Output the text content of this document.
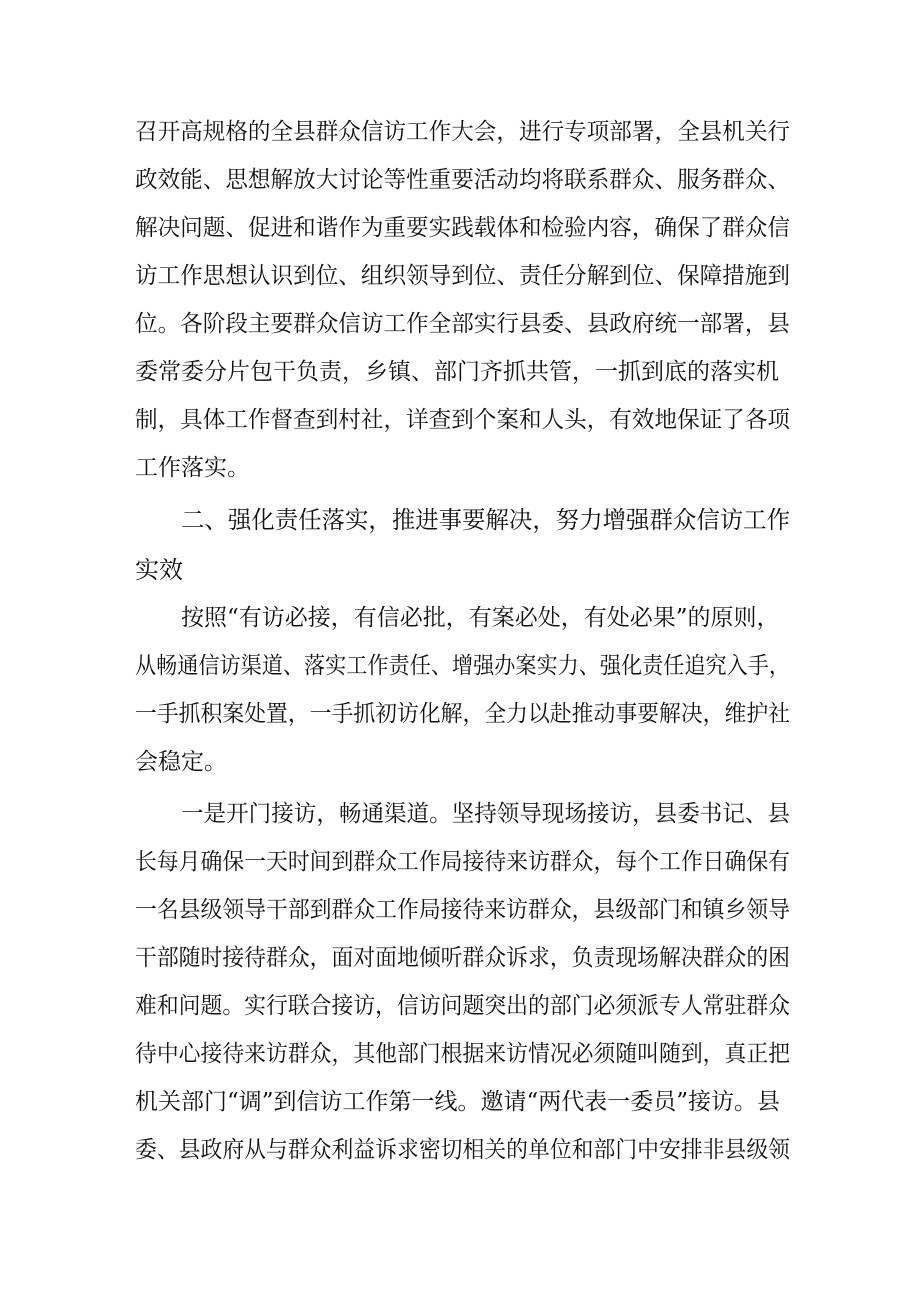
召开高规格的全县群众信访工作大会，进行专项部署，全县机关行
政效能、思想解放大讨论等性重要活动均将联系群众、服务群众、
解决问题、促进和谐作为重要实践载体和检验内容，确保了群众信
访工作思想认识到位、组织领导到位、责任分解到位、保障措施到
位。各阶段主要群众信访工作全部实行县委、县政府统一部署，县
委常委分片包干负责，乡镇、部门齐抓共管，一抓到底的落实机
制，具体工作督查到村社，详查到个案和人头，有效地保证了各项
工作落实。
二、强化责任落实，推进事要解决，努力增强群众信访工作
实效
按照“有访必接，有信必批，有案必处，有处必果”的原则，
从畅通信访渠道、落实工作责任、增强办案实力、强化责任追究入手，
一手抓积案处置，一手抓初访化解，全力以赴推动事要解决，维护社
会稳定。
一是开门接访，畅通渠道。坚持领导现场接访，县委书记、县
长每月确保一天时间到群众工作局接待来访群众，每个工作日确保有
一名县级领导干部到群众工作局接待来访群众，县级部门和镇乡领导
干部随时接待群众，面对面地倾听群众诉求，负责现场解决群众的困
难和问题。实行联合接访，信访问题突出的部门必须派专人常驻群众
待中心接待来访群众，其他部门根据来访情况必须随叫随到，真正把
机关部门“调”到信访工作第一线。邀请“两代表一委员”接访。县
委、县政府从与群众利益诉求密切相关的单位和部门中安排非县级领
